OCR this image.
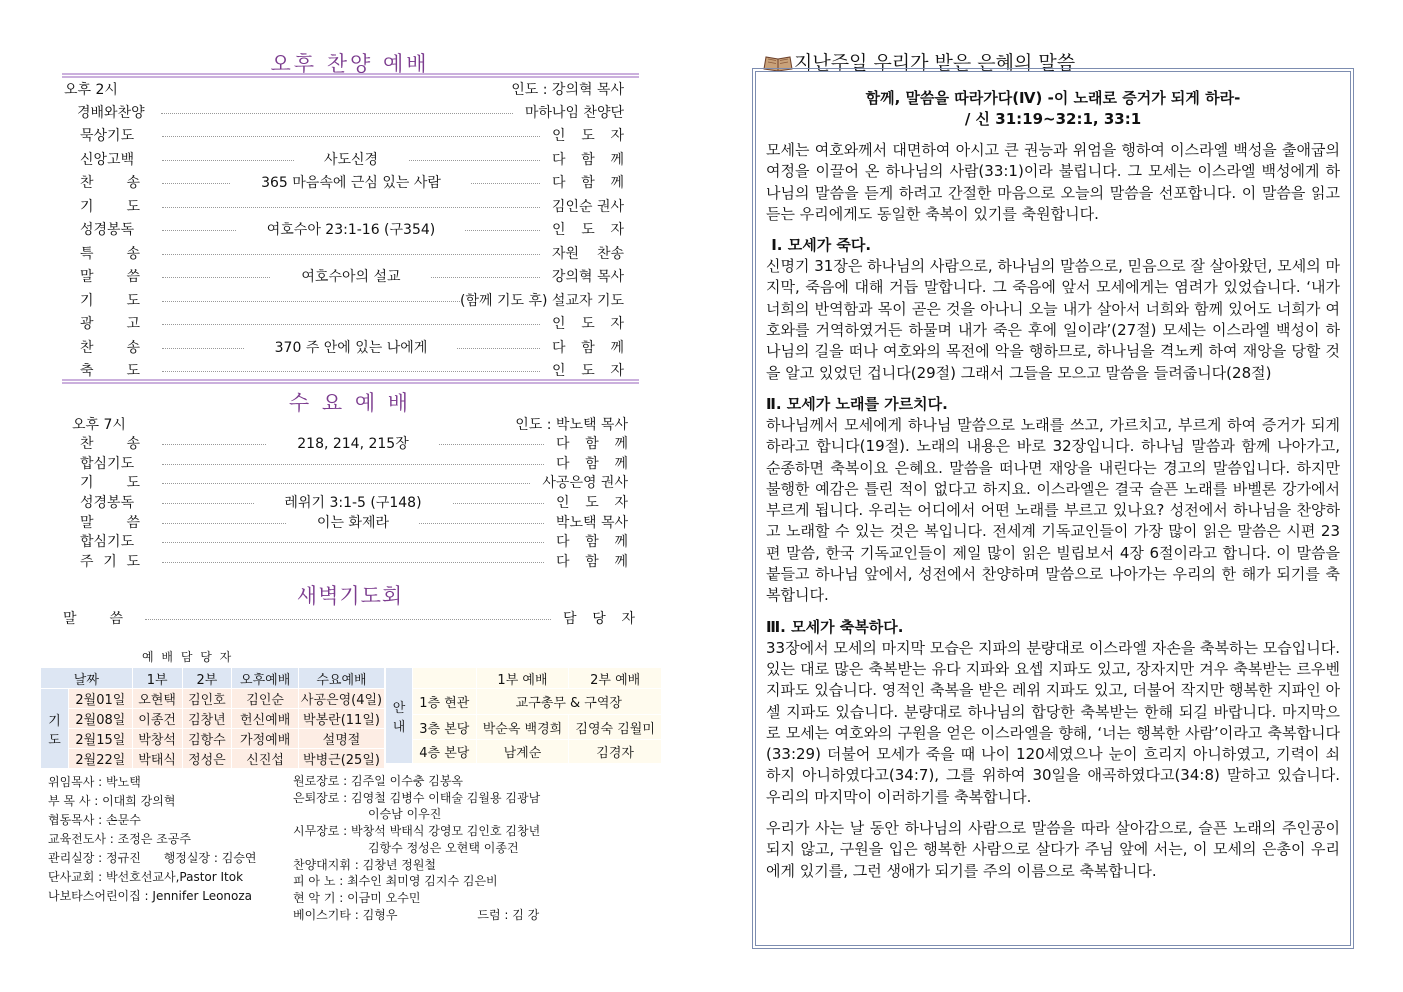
오후 찬양 예배
오후 2시	인도 : 강의혁 목사
경배와찬양	마하나임 찬양단
묵상기도	인 도 자
신앙고백	사도신경	다 함 께
찬 송	365 마음속에 근심 있는 사람	다 함 께
기 도	김인순 권사
성경봉독	여호수아 23:1-16 (구354)	인 도 자
특 송	자원 찬송
말 씀	여호수아의 설교	강의혁 목사
기 도	(함께 기도 후) 설교자 기도
광 고	인 도 자
찬 송	370 주 안에 있는 나에게	다 함 께
축 도	인 도 자
수 요 예 배
오후 7시	인도 : 박노택 목사
찬 송	218, 214, 215장	다 함 께
합심기도	다 함 께
기 도	사공은영 권사
성경봉독	레위기 3:1-5 (구148)	인 도 자
말 씀	이는 화제라	박노택 목사
합심기도	다 함 께
주 기 도	다 함 께
새벽기도회
말 씀	담 당 자
예 배 담 당 자
날짜		1부	2부	오후예배	수요예배
기 도	2월01일	오현택	김인호	김인순	사공은영(4일)
	2월08일	이종건	김창년	헌신예배	박봉란(11일)
	2월15일	박창석	김항수	가정예배	설명절
	2월22일	박태식	정성은	신진섭	박병근(25일)
안 내		1부 예배	2부 예배
	1층 현관	교구총무 & 구역장	
	3층 본당	박순옥 백경희	김영숙 김월미
	4층 본당	남계순	김경자
위임목사 : 박노택
부 목 사 : 이대희 강의혁
협동목사 : 손문수
교육전도사 : 조정은 조공주
관리실장 : 정규진      행정실장 : 김승연
단사교회 : 박선호선교사,Pastor Itok
나보타스어린이집 : Jennifer Leonoza
원로장로 : 김주일 이수충 김봉옥
은퇴장로 : 김영철 김병수 이태술 김월용 김광남
이승남 이우진
시무장로 : 박창석 박태식 강영모 김인호 김창년
김항수 정성은 오현택 이종건
찬양대지휘 : 김창년 정원철
피 아 노 : 최수인 최미영 김지수 김은비
현 악 기 : 이금미 오수민
베이스기타 : 김형우	드럼 : 김 강
지난주일 우리가 받은 은혜의 말씀
함께, 말씀을 따라가다(Ⅳ) -이 노래로 증거가 되게 하라-
/ 신 31:19~32:1, 33:1

모세는 여호와께서 대면하여 아시고 큰 권능과 위엄을 행하여 이스라엘 백성을 출애굽의 여정을 이끌어 온 하나님의 사람(33:1)이라 불립니다. 그 모세는 이스라엘 백성에게 하나님의 말씀을 듣게 하려고 간절한 마음으로 오늘의 말씀을 선포합니다. 이 말씀을 읽고 듣는 우리에게도 동일한 축복이 있기를 축원합니다.

Ⅰ. 모세가 죽다.

신명기 31장은 하나님의 사람으로, 하나님의 말씀으로, 믿음으로 잘 살아왔던, 모세의 마지막, 죽음에 대해 거듭 말합니다. 그 죽음에 앞서 모세에게는 염려가 있었습니다. ‘내가 너희의 반역함과 목이 곧은 것을 아나니 오늘 내가 살아서 너희와 함께 있어도 너희가 여호와를 거역하였거든 하물며 내가 죽은 후에 일이랴’(27절) 모세는 이스라엘 백성이 하나님의 길을 떠나 여호와의 목전에 악을 행하므로, 하나님을 격노케 하여 재앙을 당할 것을 알고 있었던 겁니다(29절) 그래서 그들을 모으고 말씀을 들려줍니다(28절)

Ⅱ. 모세가 노래를 가르치다.

하나님께서 모세에게 하나님 말씀으로 노래를 쓰고, 가르치고, 부르게 하여 증거가 되게 하라고 합니다(19절). 노래의 내용은 바로 32장입니다. 하나님 말씀과 함께 나아가고, 순종하면 축복이요 은혜요. 말씀을 떠나면 재앙을 내린다는 경고의 말씀입니다. 하지만 불행한 예감은 틀린 적이 없다고 하지요. 이스라엘은 결국 슬픈 노래를 바벨론 강가에서 부르게 됩니다. 우리는 어디에서 어떤 노래를 부르고 있나요? 성전에서 하나님을 찬양하고 노래할 수 있는 것은 복입니다. 전세계 기독교인들이 가장 많이 읽은 말씀은 시편 23편 말씀, 한국 기독교인들이 제일 많이 읽은 빌립보서 4장 6절이라고 합니다. 이 말씀을 붙들고 하나님 앞에서, 성전에서 찬양하며 말씀으로 나아가는 우리의 한 해가 되기를 축복합니다.

Ⅲ. 모세가 축복하다.

33장에서 모세의 마지막 모습은 지파의 분량대로 이스라엘 자손을 축복하는 모습입니다. 있는 대로 많은 축복받는 유다 지파와 요셉 지파도 있고, 장자지만 겨우 축복받는 르우벤 지파도 있습니다. 영적인 축복을 받은 레위 지파도 있고, 더불어 작지만 행복한 지파인 아셀 지파도 있습니다. 분량대로 하나님의 합당한 축복받는 한해 되길 바랍니다. 마지막으로 모세는 여호와의 구원을 얻은 이스라엘을 향해, ‘너는 행복한 사람’이라고 축복합니다(33:29) 더불어 모세가 죽을 때 나이 120세였으나 눈이 흐리지 아니하였고, 기력이 쇠하지 아니하였다고(34:7), 그를 위하여 30일을 애곡하였다고(34:8) 말하고 있습니다. 우리의 마지막이 이러하기를 축복합니다.

우리가 사는 날 동안 하나님의 사람으로 말씀을 따라 살아감으로, 슬픈 노래의 주인공이 되지 않고, 구원을 입은 행복한 사람으로 살다가 주님 앞에 서는, 이 모세의 은총이 우리에게 있기를, 그런 생애가 되기를 주의 이름으로 축복합니다.
